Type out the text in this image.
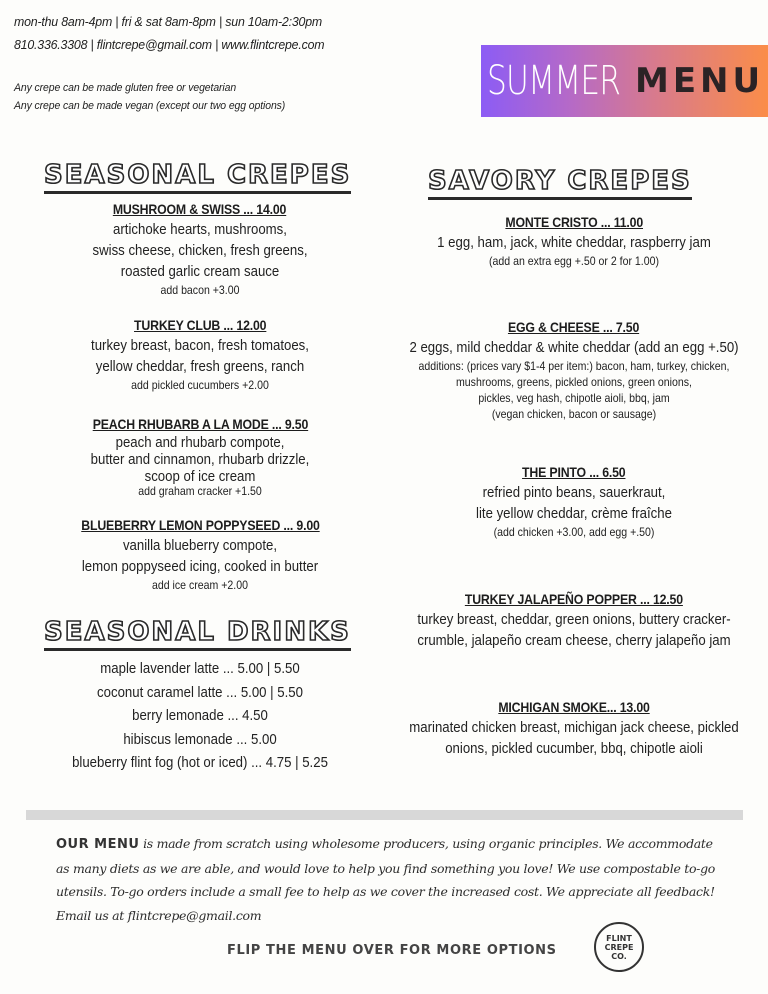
mon-thu 8am-4pm | fri & sat 8am-8pm | sun 10am-2:30pm
810.336.3308 | flintcrepe@gmail.com | www.flintcrepe.com
Any crepe can be made gluten free or vegetarian
Any crepe can be made vegan (except our two egg options)
SUMMER MENU
SEASONAL CREPES
MUSHROOM & SWISS ... 14.00
artichoke hearts, mushrooms,
swiss cheese, chicken, fresh greens,
roasted garlic cream sauce
add bacon +3.00
TURKEY CLUB ... 12.00
turkey breast, bacon, fresh tomatoes,
yellow cheddar, fresh greens, ranch
add pickled cucumbers +2.00
PEACH RHUBARB A LA MODE ... 9.50
peach and rhubarb compote,
butter and cinnamon, rhubarb drizzle,
scoop of ice cream
add graham cracker +1.50
BLUEBERRY LEMON POPPYSEED ... 9.00
vanilla blueberry compote,
lemon poppyseed icing, cooked in butter
add ice cream +2.00
SEASONAL DRINKS
maple lavender latte ... 5.00 | 5.50
coconut caramel latte ... 5.00 | 5.50
berry lemonade ... 4.50
hibiscus lemonade ... 5.00
blueberry flint fog (hot or iced) ... 4.75 | 5.25
SAVORY CREPES
MONTE CRISTO ... 11.00
1 egg, ham, jack, white cheddar, raspberry jam
(add an extra egg +.50 or 2 for 1.00)
EGG & CHEESE ... 7.50
2 eggs, mild cheddar & white cheddar (add an egg +.50)
additions: (prices vary $1-4 per item:) bacon, ham, turkey, chicken,
mushrooms, greens, pickled onions, green onions,
pickles, veg hash, chipotle aioli, bbq, jam
(vegan chicken, bacon or sausage)
THE PINTO ... 6.50
refried pinto beans, sauerkraut,
lite yellow cheddar, crème fraîche
(add chicken +3.00, add egg +.50)
TURKEY JALAPEÑO POPPER ... 12.50
turkey breast, cheddar, green onions, buttery cracker-
crumble, jalapeño cream cheese, cherry jalapeño jam
MICHIGAN SMOKE... 13.00
marinated chicken breast, michigan jack cheese, pickled
onions, pickled cucumber, bbq, chipotle aioli
OUR MENU is made from scratch using wholesome producers, using organic principles. We accommodate as many diets as we are able, and would love to help you find something you love! We use compostable to-go utensils. To-go orders include a small fee to help as we cover the increased cost. We appreciate all feedback! Email us at flintcrepe@gmail.com
FLIP THE MENU OVER FOR MORE OPTIONS
FLINT
CREPE
CO.
